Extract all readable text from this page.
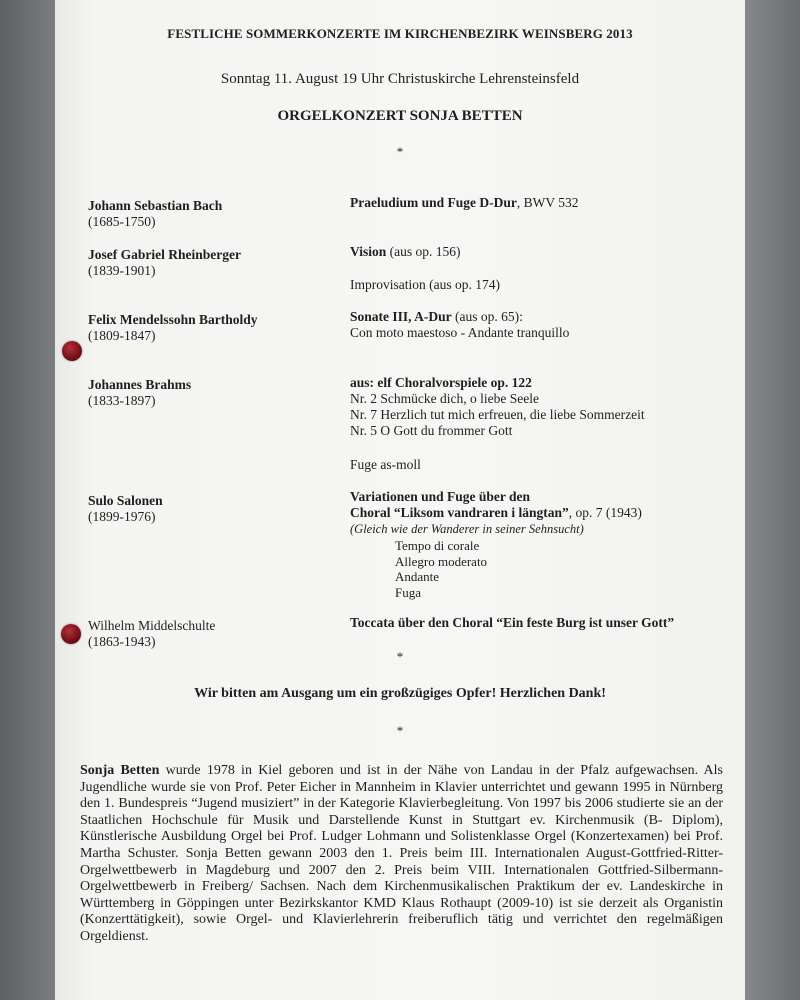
FESTLICHE SOMMERKONZERTE IM KIRCHENBEZIRK WEINSBERG 2013
Sonntag 11. August 19 Uhr Christuskirche Lehrensteinsfeld
ORGELKONZERT SONJA BETTEN
*
Johann Sebastian Bach
(1685-1750)
Josef Gabriel Rheinberger
(1839-1901)
Felix Mendelssohn Bartholdy
(1809-1847)
Johannes Brahms
(1833-1897)
Sulo Salonen
(1899-1976)
Wilhelm Middelschulte
(1863-1943)
Praeludium und Fuge D-Dur, BWV 532
Vision (aus op. 156)
Improvisation (aus op. 174)
Sonate III, A-Dur (aus op. 65):
Con moto maestoso - Andante tranquillo
aus: elf Choralvorspiele op. 122
Nr. 2 Schmücke dich, o liebe Seele
Nr. 7 Herzlich tut mich erfreuen, die liebe Sommerzeit
Nr. 5 O Gott du frommer Gott
Fuge as-moll
Variationen und Fuge über den
Choral “Liksom vandraren i längtan”, op. 7 (1943)
(Gleich wie der Wanderer in seiner Sehnsucht)
Tempo di corale
Allegro moderato
Andante
Fuga
Toccata über den Choral “Ein feste Burg ist unser Gott”
*
Wir bitten am Ausgang um ein großzügiges Opfer! Herzlichen Dank!
*
Sonja Betten wurde 1978 in Kiel geboren und ist in der Nähe von Landau in der Pfalz aufgewachsen. Als Jugendliche wurde sie von Prof. Peter Eicher in Mannheim in Klavier unterrichtet und gewann 1995 in Nürnberg den 1. Bundespreis “Jugend musiziert” in der Kategorie Klavierbegleitung. Von 1997 bis 2006 studierte sie an der Staatlichen Hochschule für Musik und Darstellende Kunst in Stuttgart ev. Kirchenmusik (B- Diplom), Künstlerische Ausbildung Orgel bei Prof. Ludger Lohmann und Solistenklasse Orgel (Konzertexamen) bei Prof. Martha Schuster. Sonja Betten gewann 2003 den 1. Preis beim III. Internationalen August-Gottfried-Ritter-Orgelwettbewerb in Magdeburg und 2007 den 2. Preis beim VIII. Internationalen Gottfried-Silbermann-Orgelwettbewerb in Freiberg/ Sachsen. Nach dem Kirchenmusikalischen Praktikum der ev. Landeskirche in Württemberg in Göppingen unter Bezirkskantor KMD Klaus Rothaupt (2009-10) ist sie derzeit als Organistin (Konzerttätigkeit), sowie Orgel- und Klavierlehrerin freiberuflich tätig und verrichtet den regelmäßigen Orgeldienst.
